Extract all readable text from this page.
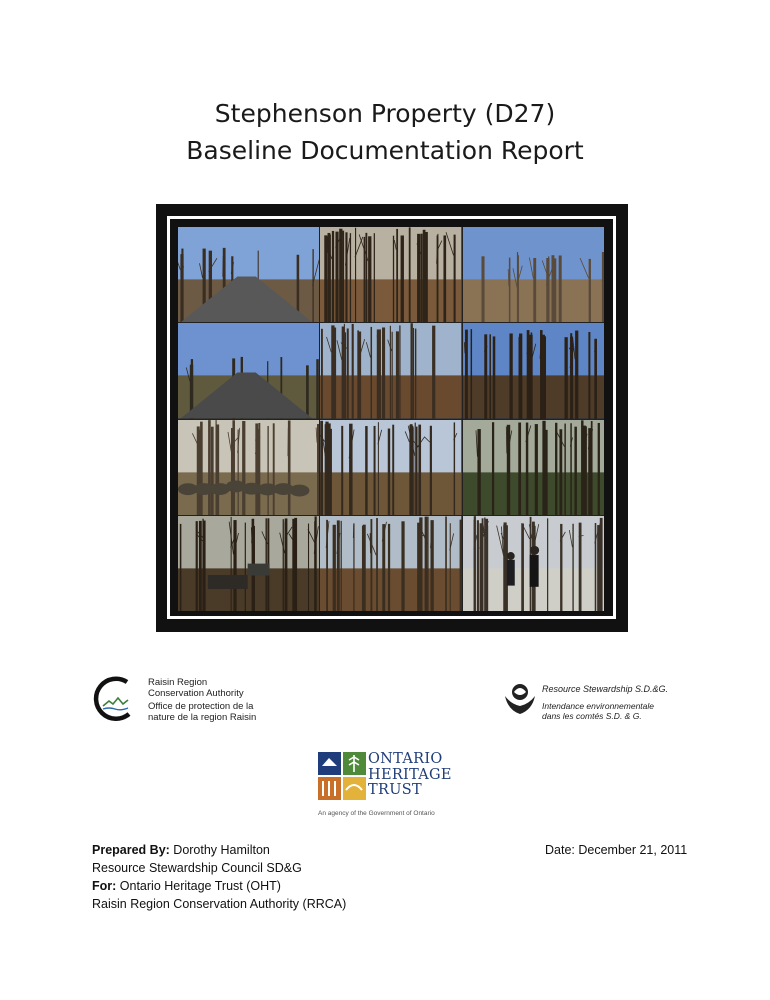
Stephenson Property (D27)
Baseline Documentation Report
Raisin Region
Conservation Authority
Office de protection de la
nature de la region Raisin
Resource Stewardship S.D.&G.
Intendance environnementale
dans les comtés S.D. & G.
ONTARIO
HERITAGE
TRUST
An agency of the Government of Ontario
Prepared By: Dorothy Hamilton
Resource Stewardship Council SD&G
For: Ontario Heritage Trust (OHT)
Raisin Region Conservation Authority (RRCA)
Date: December 21, 2011
